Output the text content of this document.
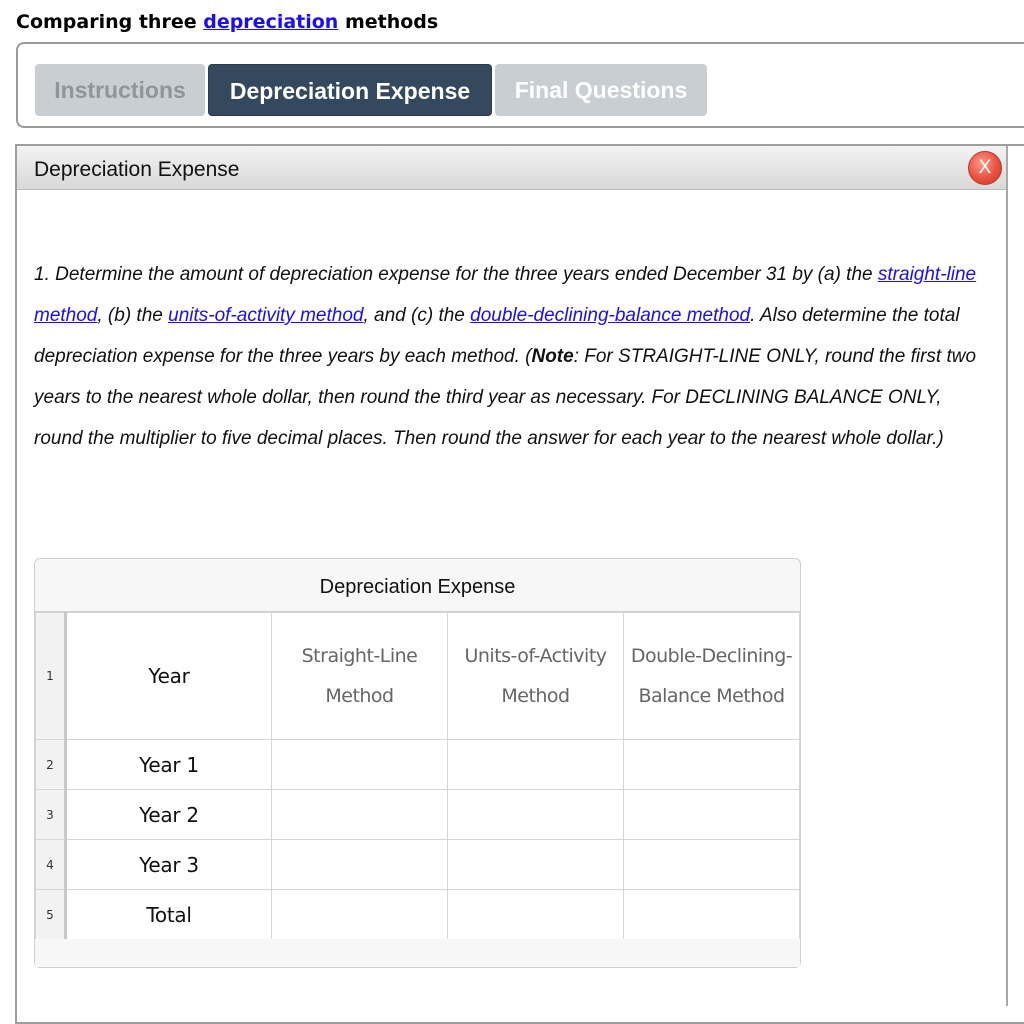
Comparing three depreciation methods
Instructions	Depreciation Expense	Final Questions
Depreciation Expense	X
1. Determine the amount of depreciation expense for the three years ended December 31 by (a) the straight-line method, (b) the units-of-activity method, and (c) the double-declining-balance method. Also determine the total depreciation expense for the three years by each method. (Note: For STRAIGHT-LINE ONLY, round the first two years to the nearest whole dollar, then round the third year as necessary. For DECLINING BALANCE ONLY, round the multiplier to five decimal places. Then round the answer for each year to the nearest whole dollar.)
Depreciation Expense
1	Year	Straight-Line Method	Units-of-Activity Method	Double-Declining-Balance Method
2	Year 1			
3	Year 2			
4	Year 3			
5	Total			
